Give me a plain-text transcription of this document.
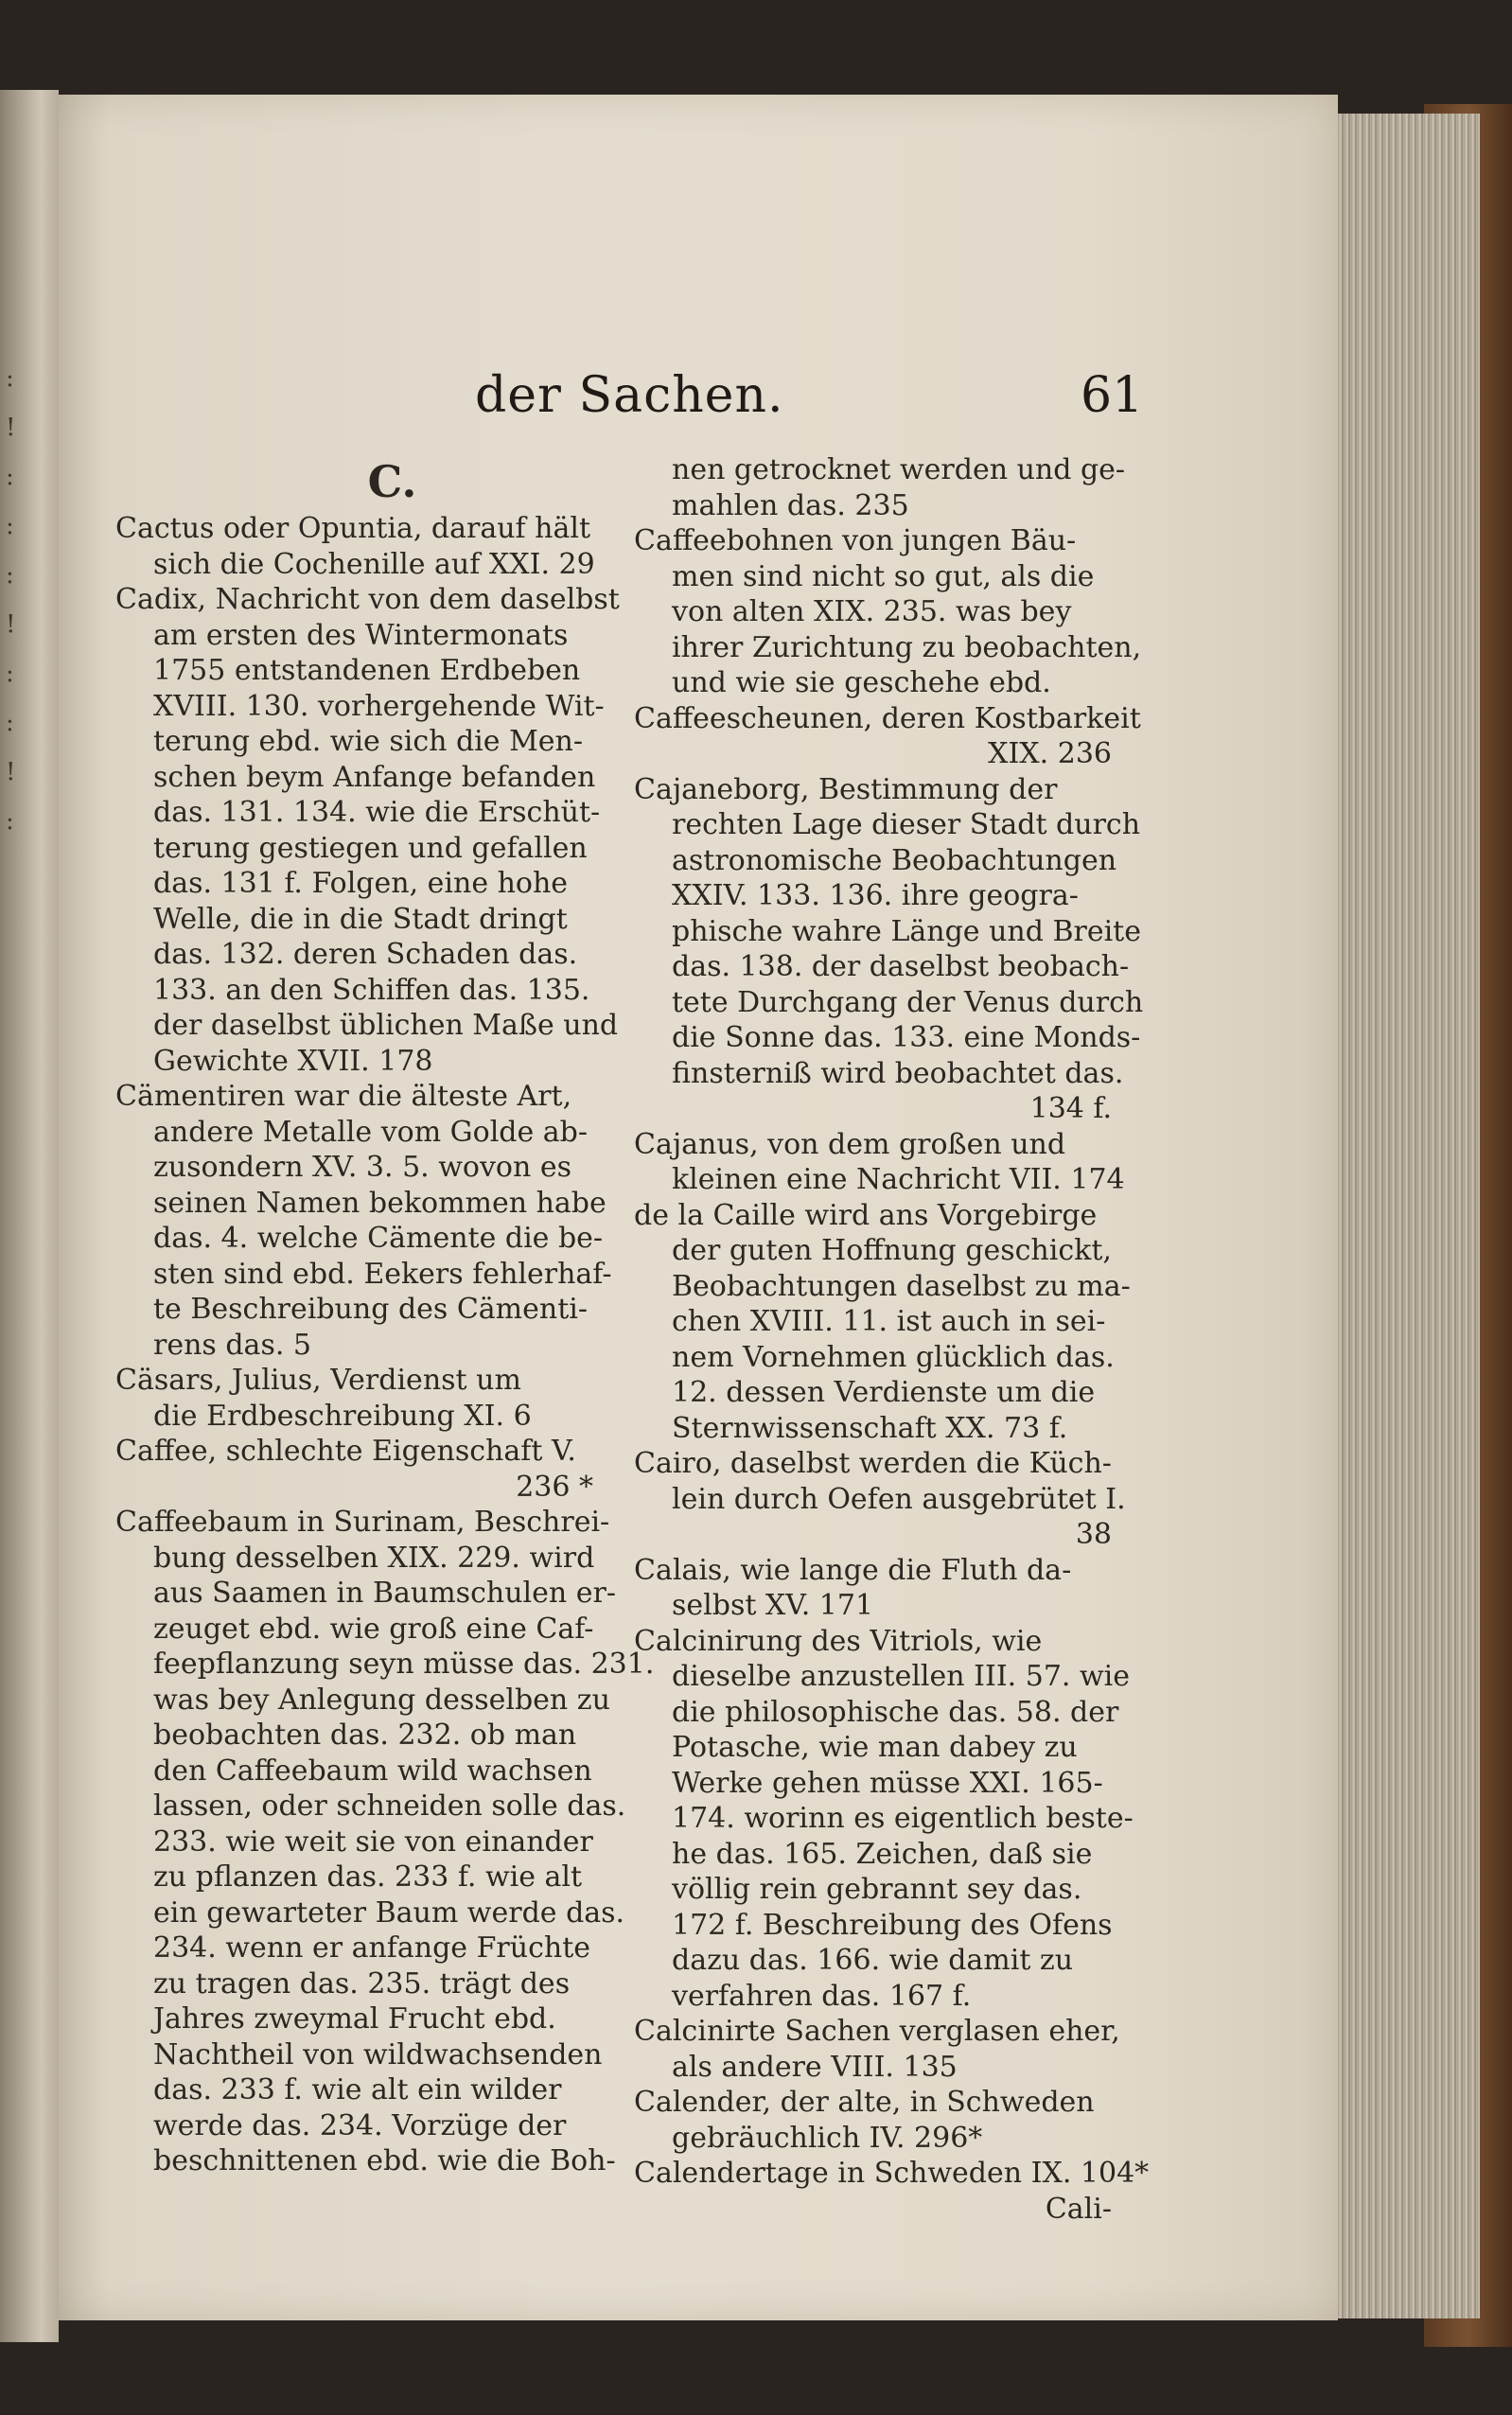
:
!
:
:
:
!
:
:
!
:
der Sachen.	61
C.
Cactus oder Opuntia, darauf hält
sich die Cochenille auf XXI. 29
Cadix, Nachricht von dem daselbst
am ersten des Wintermonats
1755 entstandenen Erdbeben
XVIII. 130. vorhergehende Wit-
terung ebd. wie sich die Men-
schen beym Anfange befanden
das. 131. 134. wie die Erschüt-
terung gestiegen und gefallen
das. 131 f. Folgen, eine hohe
Welle, die in die Stadt dringt
das. 132. deren Schaden das.
133. an den Schiffen das. 135.
der daselbst üblichen Maße und
Gewichte XVII. 178
Cämentiren war die älteste Art,
andere Metalle vom Golde ab-
zusondern XV. 3. 5. wovon es
seinen Namen bekommen habe
das. 4. welche Cämente die be-
sten sind ebd. Eekers fehlerhaf-
te Beschreibung des Cämenti-
rens das. 5
Cäsars, Julius, Verdienst um
die Erdbeschreibung XI. 6
Caffee, schlechte Eigenschaft V.
236 *
Caffeebaum in Surinam, Beschrei-
bung desselben XIX. 229. wird
aus Saamen in Baumschulen er-
zeuget ebd. wie groß eine Caf-
feepflanzung seyn müsse das. 231.
was bey Anlegung desselben zu
beobachten das. 232. ob man
den Caffeebaum wild wachsen
lassen, oder schneiden solle das.
233. wie weit sie von einander
zu pflanzen das. 233 f. wie alt
ein gewarteter Baum werde das.
234. wenn er anfange Früchte
zu tragen das. 235. trägt des
Jahres zweymal Frucht ebd.
Nachtheil von wildwachsenden
das. 233 f. wie alt ein wilder
werde das. 234. Vorzüge der
beschnittenen ebd. wie die Boh-
nen getrocknet werden und ge-
mahlen das. 235
Caffeebohnen von jungen Bäu-
men sind nicht so gut, als die
von alten XIX. 235. was bey
ihrer Zurichtung zu beobachten,
und wie sie geschehe ebd.
Caffeescheunen, deren Kostbarkeit
XIX. 236
Cajaneborg, Bestimmung der
rechten Lage dieser Stadt durch
astronomische Beobachtungen
XXIV. 133. 136. ihre geogra-
phische wahre Länge und Breite
das. 138. der daselbst beobach-
tete Durchgang der Venus durch
die Sonne das. 133. eine Monds-
finsterniß wird beobachtet das.
134 f.
Cajanus, von dem großen und
kleinen eine Nachricht VII. 174
de la Caille wird ans Vorgebirge
der guten Hoffnung geschickt,
Beobachtungen daselbst zu ma-
chen XVIII. 11. ist auch in sei-
nem Vornehmen glücklich das.
12. dessen Verdienste um die
Sternwissenschaft XX. 73 f.
Cairo, daselbst werden die Küch-
lein durch Oefen ausgebrütet I.
38
Calais, wie lange die Fluth da-
selbst XV. 171
Calcinirung des Vitriols, wie
dieselbe anzustellen III. 57. wie
die philosophische das. 58. der
Potasche, wie man dabey zu
Werke gehen müsse XXI. 165-
174. worinn es eigentlich beste-
he das. 165. Zeichen, daß sie
völlig rein gebrannt sey das.
172 f. Beschreibung des Ofens
dazu das. 166. wie damit zu
verfahren das. 167 f.
Calcinirte Sachen verglasen eher,
als andere VIII. 135
Calender, der alte, in Schweden
gebräuchlich IV. 296*
Calendertage in Schweden IX. 104*
Cali-
